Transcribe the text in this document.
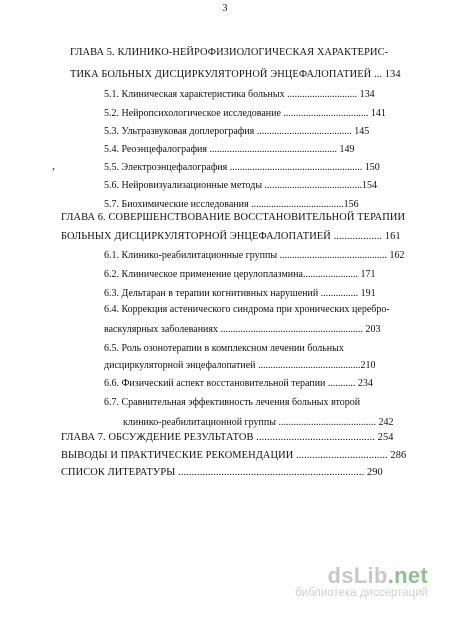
3
ГЛАВА 5. КЛИНИКО-НЕЙРОФИЗИОЛОГИЧЕСКАЯ ХАРАКТЕРИС-
ТИКА БОЛЬНЫХ ДИСЦИРКУЛЯТОРНОЙ ЭНЦЕФАЛОПАТИЕЙ ... 134
5.1. Клиническая характеристика больных ............................ 134
5.2. Нейропсихологическое исследование .................................. 141
5.3. Ультразвуковая доплерография ...................................... 145
5.4. Реоэнцефалография ................................................... 149
5.5. Электроэнцефалография ..................................................... 150
5.6. Нейровизуализационные методы .......................................154
5.7. Биохимические исследования .....................................156
ГЛАВА 6. СОВЕРШЕНСТВОВАНИЕ ВОССТАНОВИТЕЛЬНОЙ ТЕРАПИИ
БОЛЬНЫХ ДИСЦИРКУЛЯТОРНОЙ ЭНЦЕФАЛОПАТИЕЙ .................. 161
6.1. Клинико-реабилитационные группы ........................................... 162
6.2. Клиническое применение церулоплазмина...................... 171
6.3. Дельтаран в терапии когнитивных нарушений ............... 191
6.4. Коррекция астенического синдрома при хронических церебро-
васкулярных заболеваниях ......................................................... 203
6.5. Роль озонотерапии в комплексном лечении больных
дисциркуляторной энцефалопатией .........................................210
6.6. Физический аспект восстановительной терапии ........... 234
6.7. Сравнительная эффективность лечения больных второй
клинико-реабилитационной группы ....................................... 242
ГЛАВА 7. ОБСУЖДЕНИЕ РЕЗУЛЬТАТОВ ............................................ 254
ВЫВОДЫ И ПРАКТИЧЕСКИЕ РЕКОМЕНДАЦИИ .................................. 286
СПИСОК ЛИТЕРАТУРЫ ..................................................................... 290
,
dsLib.net
библиотека диссертаций
